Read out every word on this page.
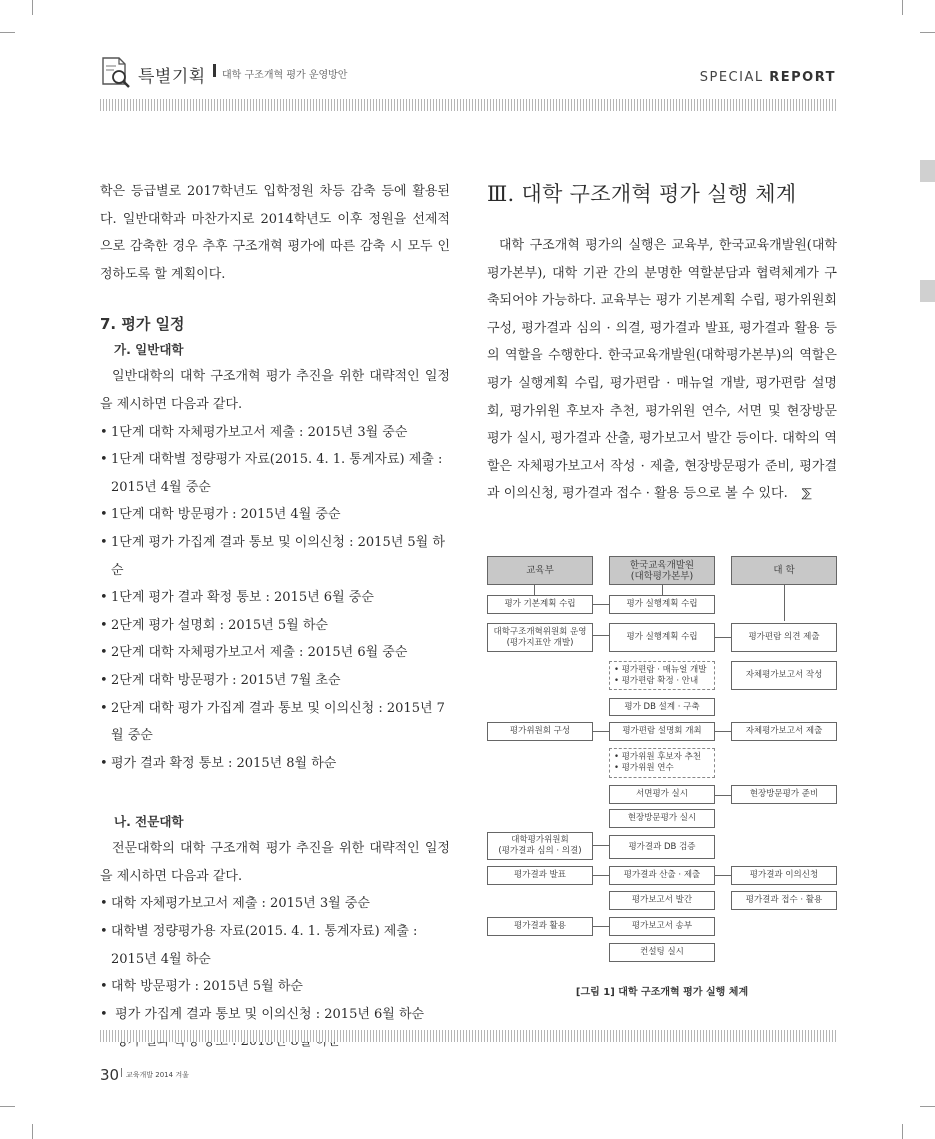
특별기획 대학 구조개혁 평가 운영방안	SPECIAL REPORT

학은 등급별로 2017학년도 입학정원 차등 감축 등에 활용된다. 일반대학과 마찬가지로 2014학년도 이후 정원을 선제적으로 감축한 경우 추후 구조개혁 평가에 따른 감축 시 모두 인정하도록 할 계획이다.

7. 평가 일정
가. 일반대학

일반대학의 대학 구조개혁 평가 추진을 위한 대략적인 일정을 제시하면 다음과 같다.

• 1단계 대학 자체평가보고서 제출 : 2015년 3월 중순
• 1단계 대학별 정량평가 자료(2015. 4. 1. 통계자료) 제출 :
2015년 4월 중순
• 1단계 대학 방문평가 : 2015년 4월 중순
• 1단계 평가 가집계 결과 통보 및 이의신청 : 2015년 5월 하순
• 1단계 평가 결과 확정 통보 : 2015년 6월 중순
• 2단계 평가 설명회 : 2015년 5월 하순
• 2단계 대학 자체평가보고서 제출 : 2015년 6월 중순
• 2단계 대학 방문평가 : 2015년 7월 초순
• 2단계 대학 평가 가집계 결과 통보 및 이의신청 : 2015년 7월 중순
• 평가 결과 확정 통보 : 2015년 8월 하순
나. 전문대학

전문대학의 대학 구조개혁 평가 추진을 위한 대략적인 일정을 제시하면 다음과 같다.

• 대학 자체평가보고서 제출 : 2015년 3월 중순
• 대학별 정량평가용 자료(2015. 4. 1. 통계자료) 제출 :
2015년 4월 하순
• 대학 방문평가 : 2015년 5월 하순
• 평가 가집계 결과 통보 및 이의신청 : 2015년 6월 하순
Ⅲ. 대학 구조개혁 평가 실행 체계

대학 구조개혁 평가의 실행은 교육부, 한국교육개발원(대학평가본부), 대학 기관 간의 분명한 역할분담과 협력체계가 구축되어야 가능하다. 교육부는 평가 기본계획 수립, 평가위원회 구성, 평가결과 심의 · 의결, 평가결과 발표, 평가결과 활용 등의 역할을 수행한다. 한국교육개발원(대학평가본부)의 역할은 평가 실행계획 수립, 평가편람 · 매뉴얼 개발, 평가편람 설명회, 평가위원 후보자 추천, 평가위원 연수, 서면 및 현장방문 평가 실시, 평가결과 산출, 평가보고서 발간 등이다. 대학의 역할은 자체평가보고서 작성 · 제출, 현장방문평가 준비, 평가결과 이의신청, 평가결과 접수 · 활용 등으로 볼 수 있다. ⅀

교육부	한국교육개발원
(대학평가본부)	대 학
평가 기본계획 수립
대학구조개혁위원회 운영
(평가지표안 개발)
평가위원회 구성
대학평가위원회
(평가결과 심의 · 의결)
평가결과 발표
평가결과 활용
평가 실행계획 수립
평가 실행계획 수립
• 평가편람 · 매뉴얼 개발
• 평가편람 확정 · 안내
평가 DB 설계 · 구축
평가편람 설명회 개최
• 평가위원 후보자 추천
• 평가위원 연수
서면평가 실시
현장방문평가 실시
평가결과 DB 검증
평가결과 산출 · 제출
평가보고서 발간
평가보고서 송부
컨설팅 실시
평가편람 의견 제출
자체평가보고서 작성
자체평가보고서 제출
현장방문평가 준비
평가결과 이의신청
평가결과 접수 · 활용
[그림 1] 대학 구조개혁 평가 실행 체계
30 교육개발 2014 겨울
